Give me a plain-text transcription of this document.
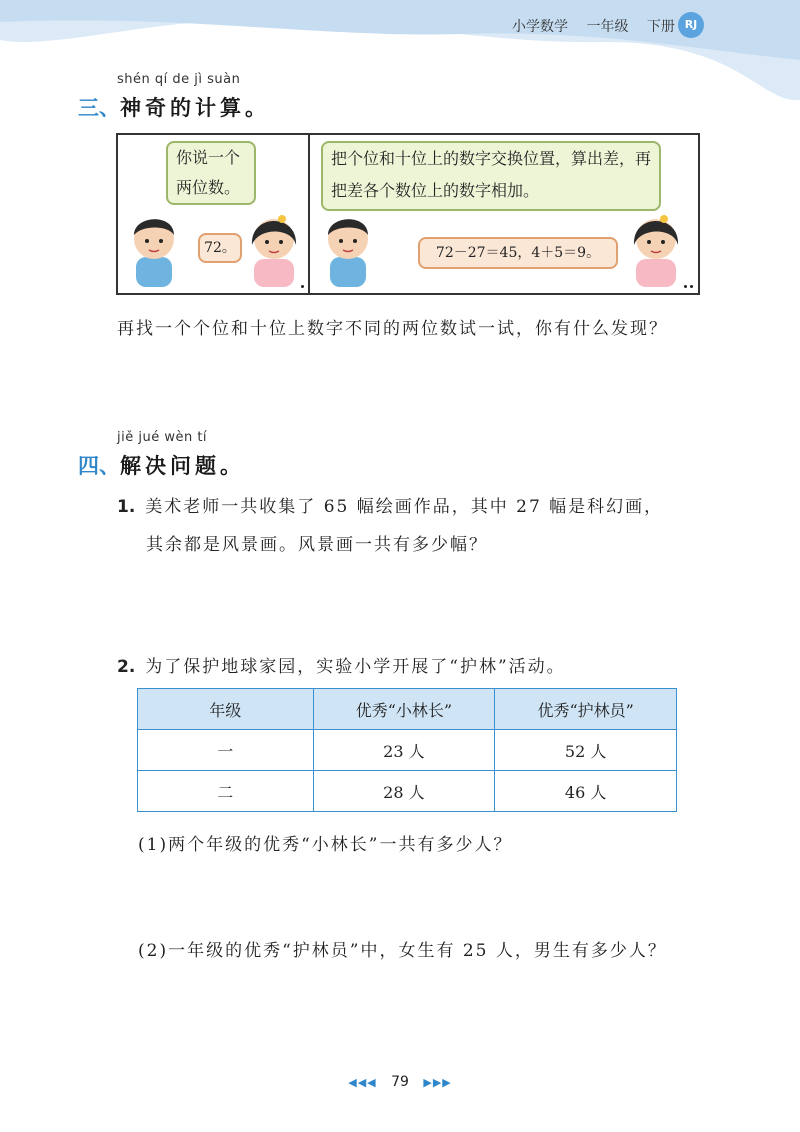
小学数学 一年级 下册 RJ
shén qí de jì suàn
三、神奇的计算。
你说一个两位数。
72。
把个位和十位上的数字交换位置，算出差，再把差各个数位上的数字相加。
72－27＝45，4＋5＝9。
再找一个个位和十位上数字不同的两位数试一试，你有什么发现？
jiě jué wèn tí
四、解决问题。
1. 美术老师一共收集了 65 幅绘画作品，其中 27 幅是科幻画，
其余都是风景画。风景画一共有多少幅？
2. 为了保护地球家园，实验小学开展了“护林”活动。
年级	优秀“小林长”	优秀“护林员”
一	23 人	52 人
二	28 人	46 人
(1)两个年级的优秀“小林长”一共有多少人？
(2)一年级的优秀“护林员”中，女生有 25 人，男生有多少人？
◀◀◀ 79 ▶▶▶
